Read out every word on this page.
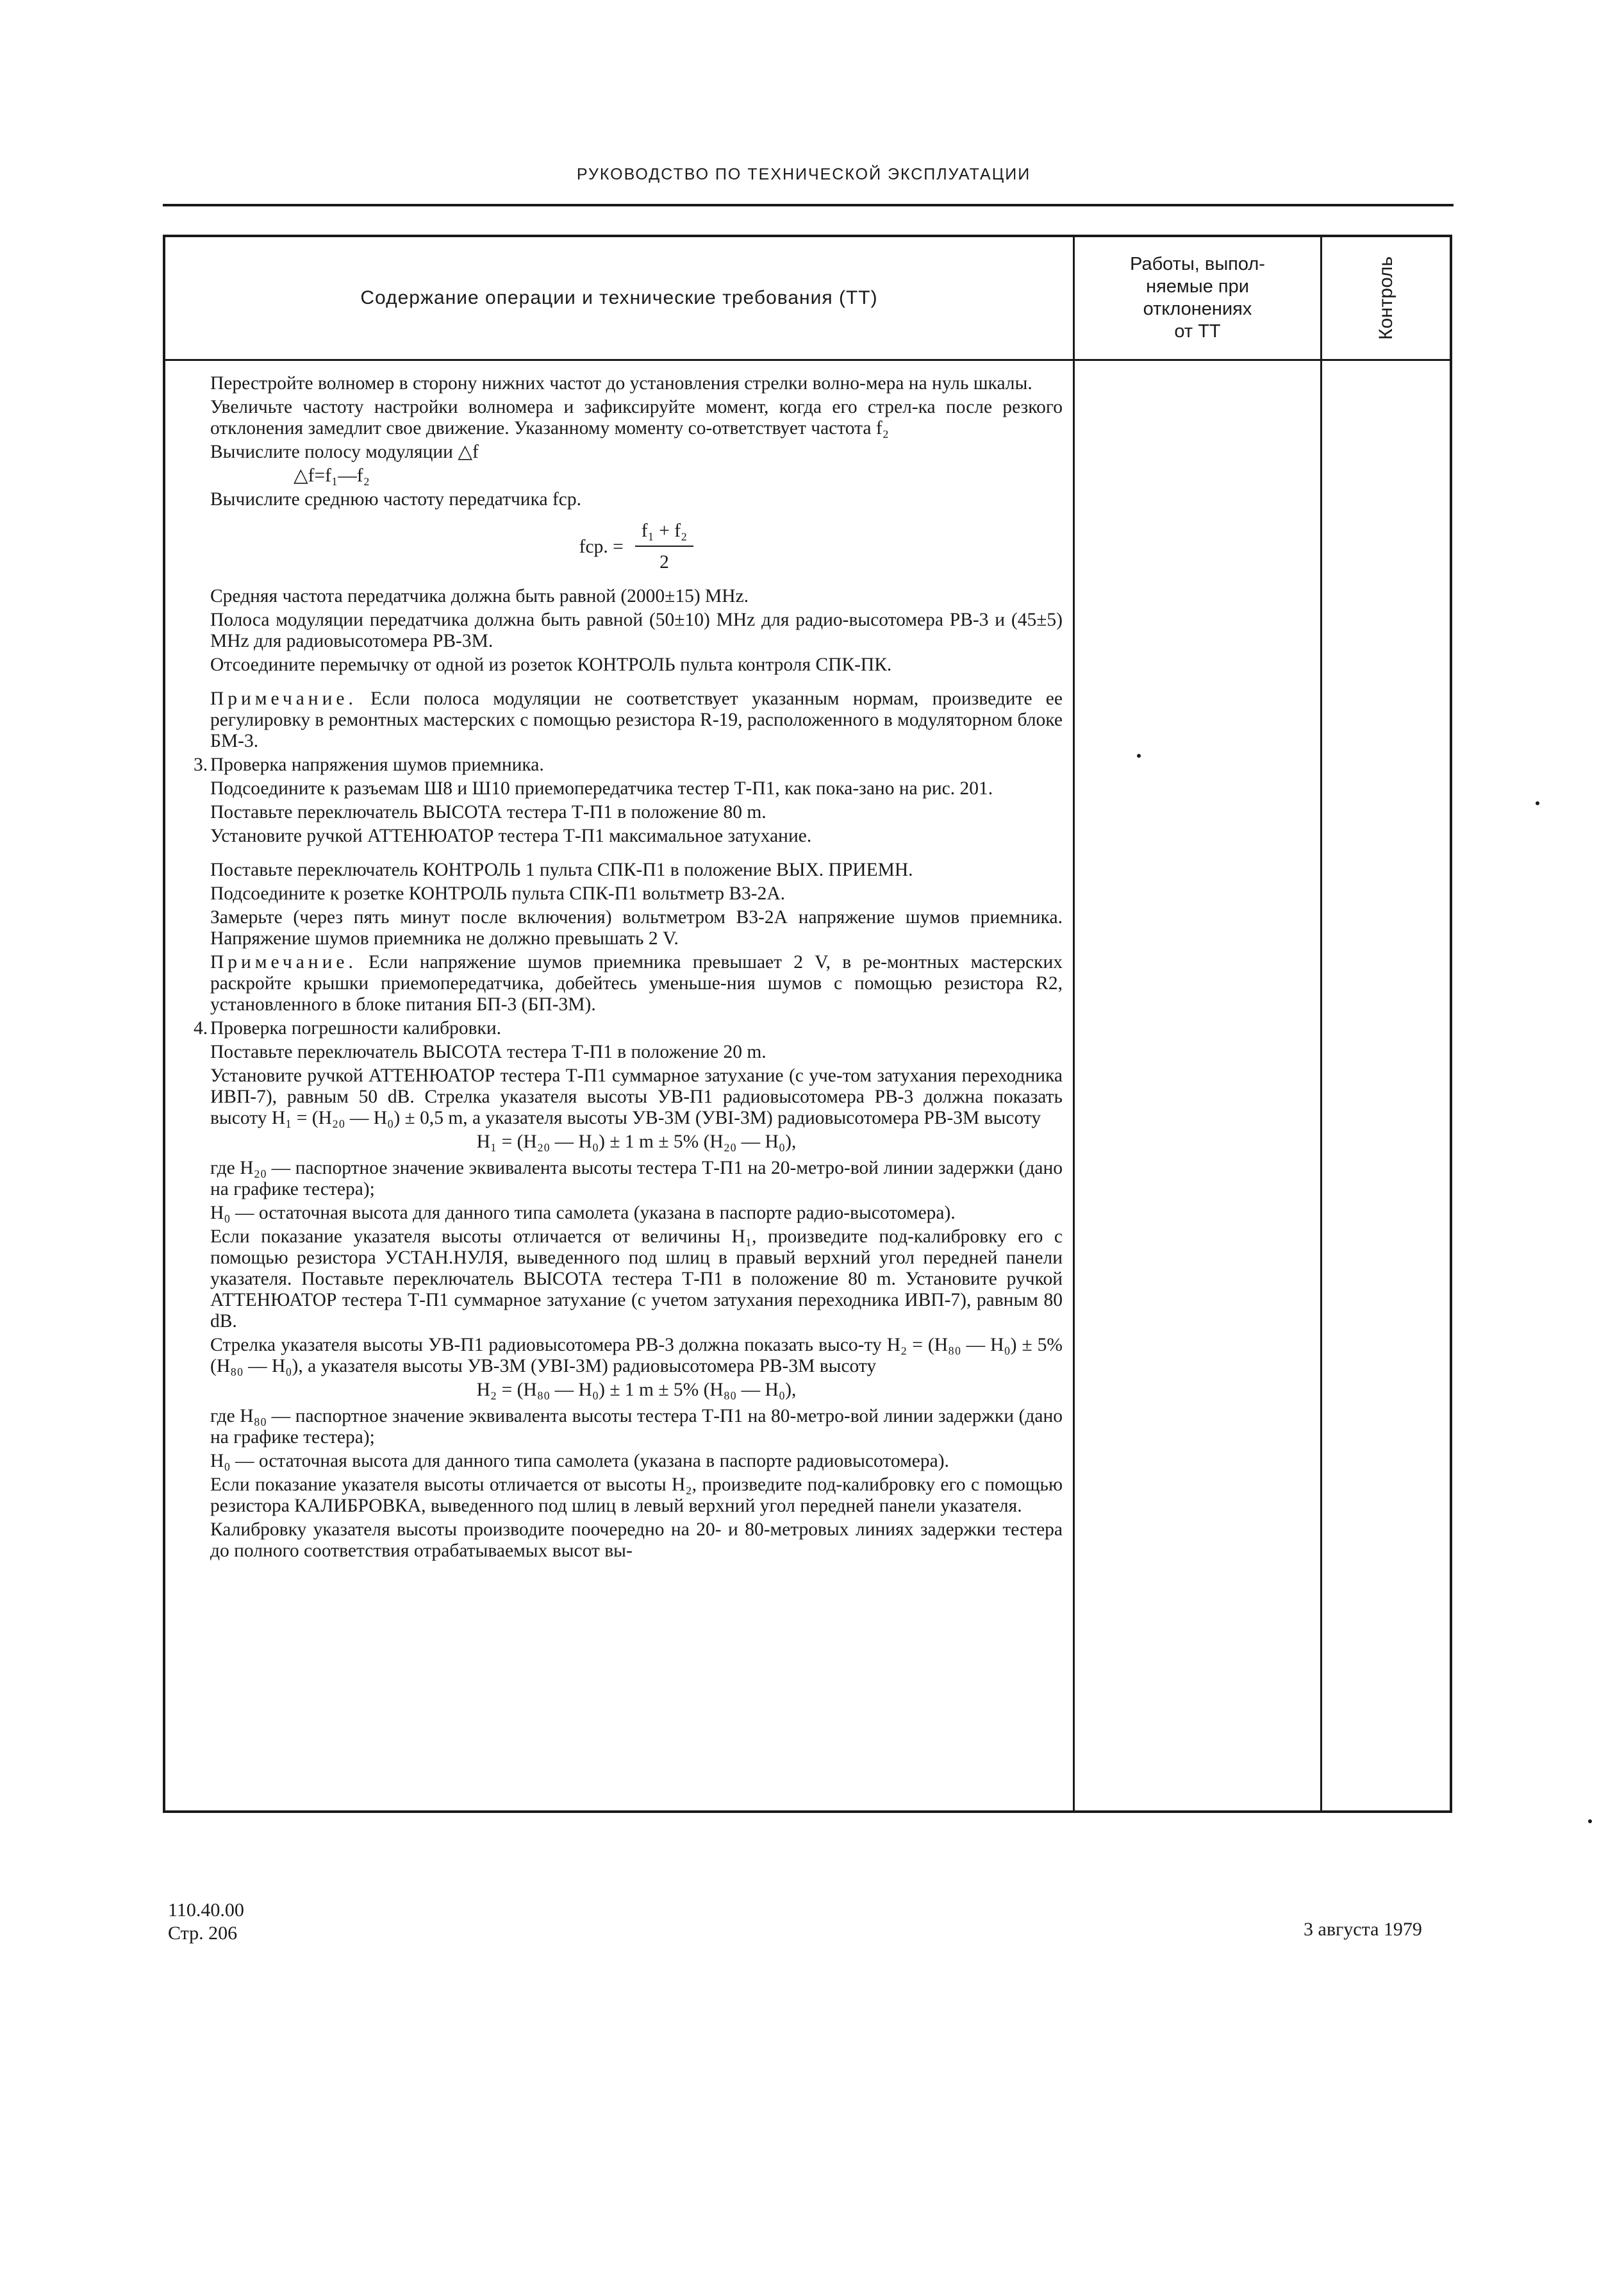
РУКОВОДСТВО ПО ТЕХНИЧЕСКОЙ ЭКСПЛУАТАЦИИ
Содержание операции и технические требования (ТТ)
Работы, выпол-
няемые при
отклонениях
от ТТ	Контроль

Перестройте волномер в сторону нижних частот до установления стрелки волно-мера на нуль шкалы.

Увеличьте частоту настройки волномера и зафиксируйте момент, когда его стрел-ка после резкого отклонения замедлит свое движение. Указанному моменту со-ответствует частота f₂

Вычислите полосу модуляции △f

△f=f₁—f₂

Вычислите среднюю частоту передатчика fср.

fср. = $\frac{\text{f₁ + f₂}}{2}$

Средняя частота передатчика должна быть равной (2000±15) MHz.

Полоса модуляции передатчика должна быть равной (50±10) MHz для радио-высотомера РВ-3 и (45±5) MHz для радиовысотомера РВ-3М.

Отсоедините перемычку от одной из розеток КОНТРОЛЬ пульта контроля СПК-ПК.

Примечание. Если полоса модуляции не соответствует указанным нормам, произведите ее регулировку в ремонтных мастерских с помощью резистора R-19, расположенного в модуляторном блоке БМ-3.

3. Проверка напряжения шумов приемника.

Подсоедините к разъемам Ш8 и Ш10 приемопередатчика тестер Т-П1, как пока-зано на рис. 201.

Поставьте переключатель ВЫСОТА тестера Т-П1 в положение 80 m.

Установите ручкой АТТЕНЮАТОР тестера Т-П1 максимальное затухание.

Поставьте переключатель КОНТРОЛЬ 1 пульта СПК-П1 в положение ВЫХ. ПРИЕМН.

Подсоедините к розетке КОНТРОЛЬ пульта СПК-П1 вольтметр В3-2А.

Замерьте (через пять минут после включения) вольтметром В3-2А напряжение шумов приемника. Напряжение шумов приемника не должно превышать 2 V.

Примечание. Если напряжение шумов приемника превышает 2 V, в ре-монтных мастерских раскройте крышки приемопередатчика, добейтесь уменьше-ния шумов с помощью резистора R2, установленного в блоке питания БП-3 (БП-3М).

4. Проверка погрешности калибровки.

Поставьте переключатель ВЫСОТА тестера Т-П1 в положение 20 m.

Установите ручкой АТТЕНЮАТОР тестера Т-П1 суммарное затухание (с уче-том затухания переходника ИВП-7), равным 50 dB. Стрелка указателя высоты УВ-П1 радиовысотомера РВ-3 должна показать высоту H₁ = (H₂₀ — H₀) ± 0,5 m, а указателя высоты УВ-3М (УВI-3М) радиовысотомера РВ-3М высоту

H₁ = (H₂₀ — H₀) ± 1 m ± 5% (H₂₀ — H₀),

где H₂₀ — паспортное значение эквивалента высоты тестера Т-П1 на 20-метро-вой линии задержки (дано на графике тестера);

H₀ — остаточная высота для данного типа самолета (указана в паспорте радио-высотомера).

Если показание указателя высоты отличается от величины H₁, произведите под-калибровку его с помощью резистора УСТАН.НУЛЯ, выведенного под шлиц в правый верхний угол передней панели указателя. Поставьте переключатель ВЫСОТА тестера Т-П1 в положение 80 m. Установите ручкой АТТЕНЮАТОР тестера Т-П1 суммарное затухание (с учетом затухания переходника ИВП-7), равным 80 dB.

Стрелка указателя высоты УВ-П1 радиовысотомера РВ-3 должна показать высо-ту H₂ = (H₈₀ — H₀) ± 5% (H₈₀ — H₀), а указателя высоты УВ-3М (УВI-3М) радиовысотомера РВ-3М высоту

H₂ = (H₈₀ — H₀) ± 1 m ± 5% (H₈₀ — H₀),

где H₈₀ — паспортное значение эквивалента высоты тестера Т-П1 на 80-метро-вой линии задержки (дано на графике тестера);

H₀ — остаточная высота для данного типа самолета (указана в паспорте радиовысотомера).

Если показание указателя высоты отличается от высоты H₂, произведите под-калибровку его с помощью резистора КАЛИБРОВКА, выведенного под шлиц в левый верхний угол передней панели указателя.

Калибровку указателя высоты производите поочередно на 20- и 80-метровых линиях задержки тестера до полного соответствия отрабатываемых высот вы-

110.40.00
Стр. 206	3 августа 1979
